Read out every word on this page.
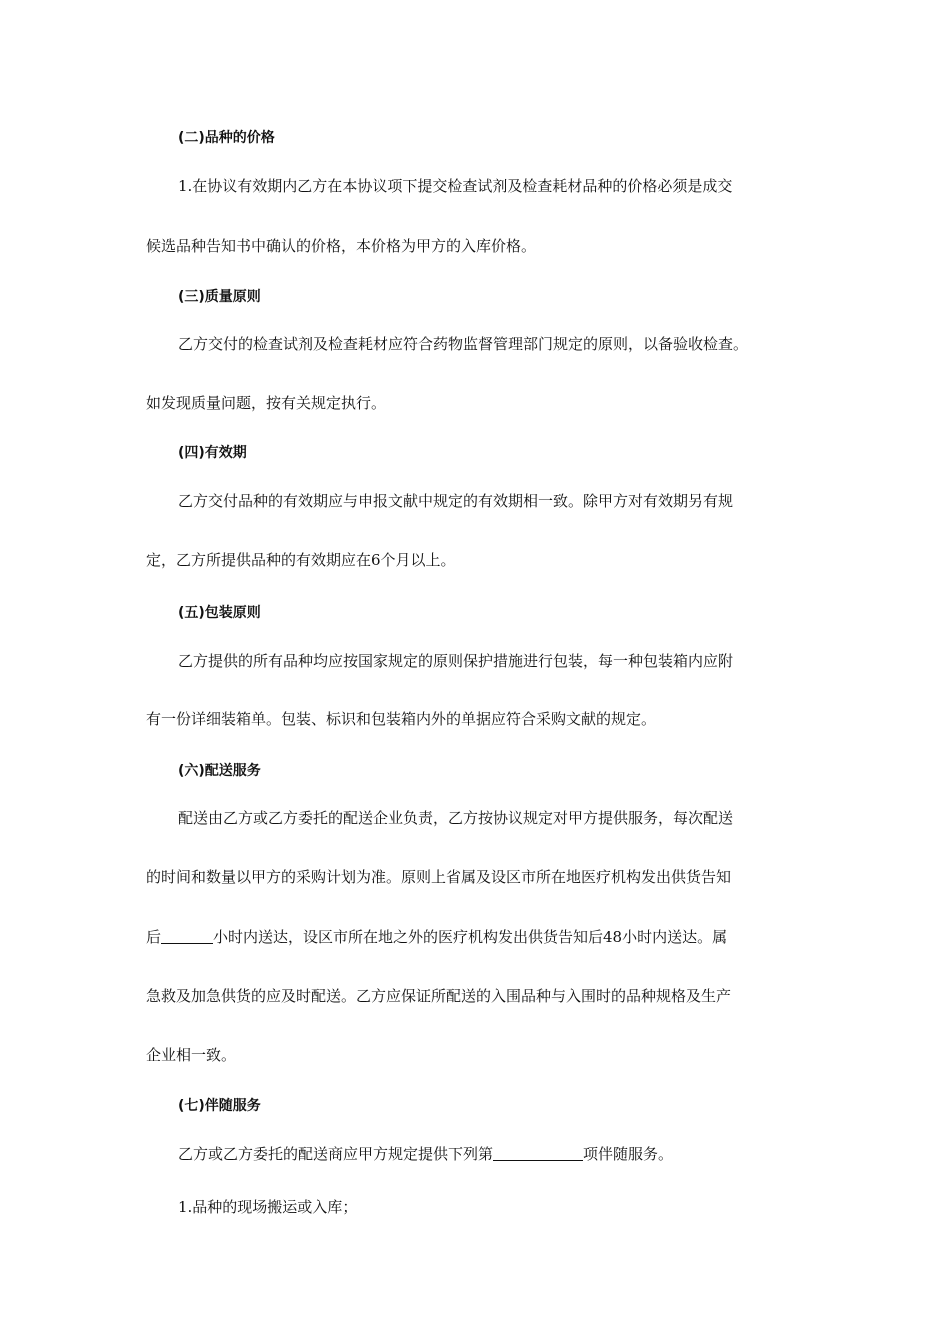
(二)品种的价格
1.在协议有效期内乙方在本协议项下提交检查试剂及检查耗材品种的价格必须是成交
候选品种告知书中确认的价格，本价格为甲方的入库价格。
(三)质量原则
乙方交付的检查试剂及检查耗材应符合药物监督管理部门规定的原则，以备验收检查。
如发现质量问题，按有关规定执行。
(四)有效期
乙方交付品种的有效期应与申报文献中规定的有效期相一致。除甲方对有效期另有规
定，乙方所提供品种的有效期应在6个月以上。
(五)包装原则
乙方提供的所有品种均应按国家规定的原则保护措施进行包装，每一种包装箱内应附
有一份详细装箱单。包装、标识和包装箱内外的单据应符合采购文献的规定。
(六)配送服务
配送由乙方或乙方委托的配送企业负责，乙方按协议规定对甲方提供服务，每次配送
的时间和数量以甲方的采购计划为准。原则上省属及设区市所在地医疗机构发出供货告知
后	小时内送达，设区市所在地之外的医疗机构发出供货告知后48小时内送达。属
急救及加急供货的应及时配送。乙方应保证所配送的入围品种与入围时的品种规格及生产
企业相一致。
(七)伴随服务
乙方或乙方委托的配送商应甲方规定提供下列第	项伴随服务。
1.品种的现场搬运或入库；
